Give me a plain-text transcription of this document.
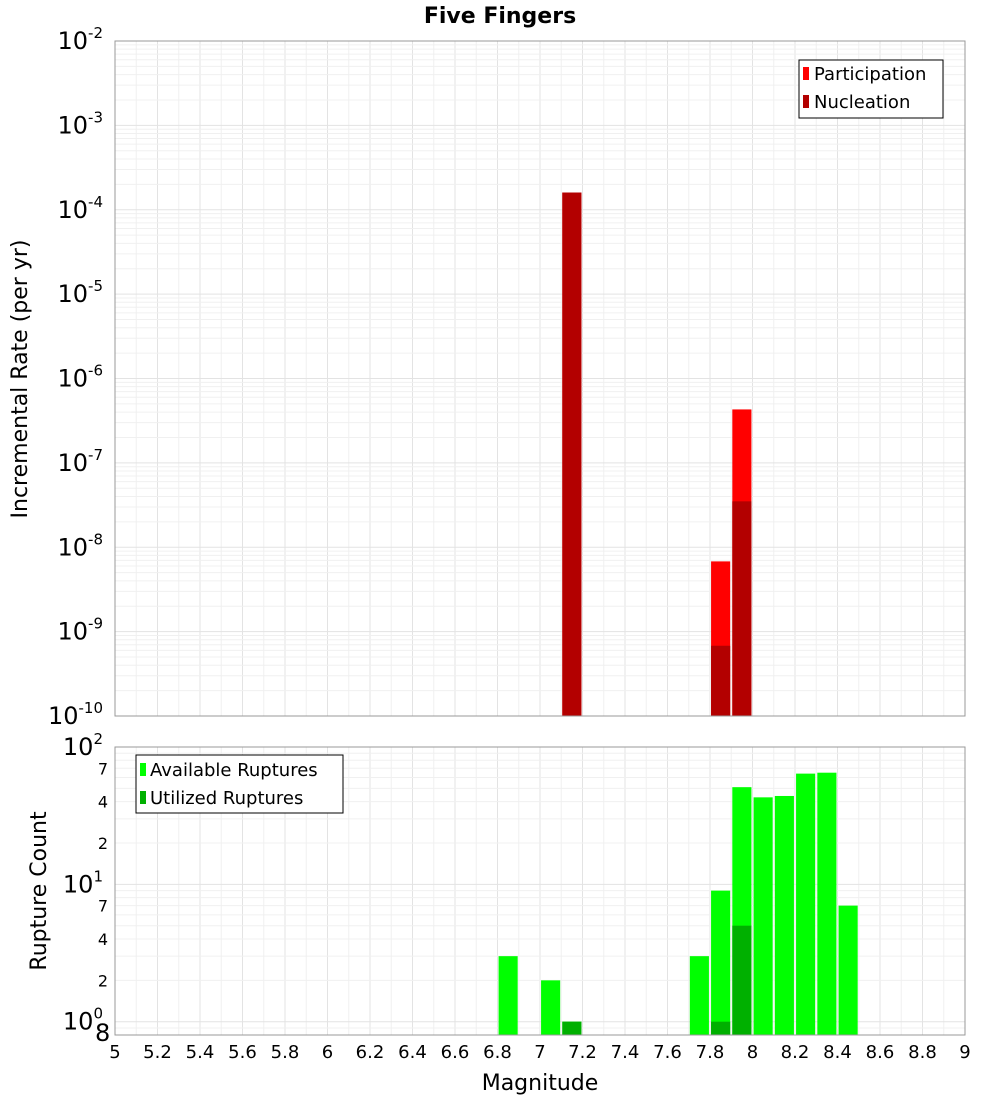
Five Fingers
$10^{-10}$
$10^{-9}$
$10^{-8}$
$10^{-7}$
$10^{-6}$
$10^{-5}$
$10^{-4}$
$10^{-3}$
$10^{-2}$
Incremental Rate (per yr)
Participation
Nucleation
$10^0$
2
4
7
$10^1$
2
4
7
$10^2$
8
5 5.2 5.4 5.6 5.8 6 6.2 6.4 6.6 6.8 7 7.2 7.4 7.6 7.8 8 8.2 8.4 8.6 8.8 9
Rupture Count
Magnitude
Available Ruptures
Utilized Ruptures
